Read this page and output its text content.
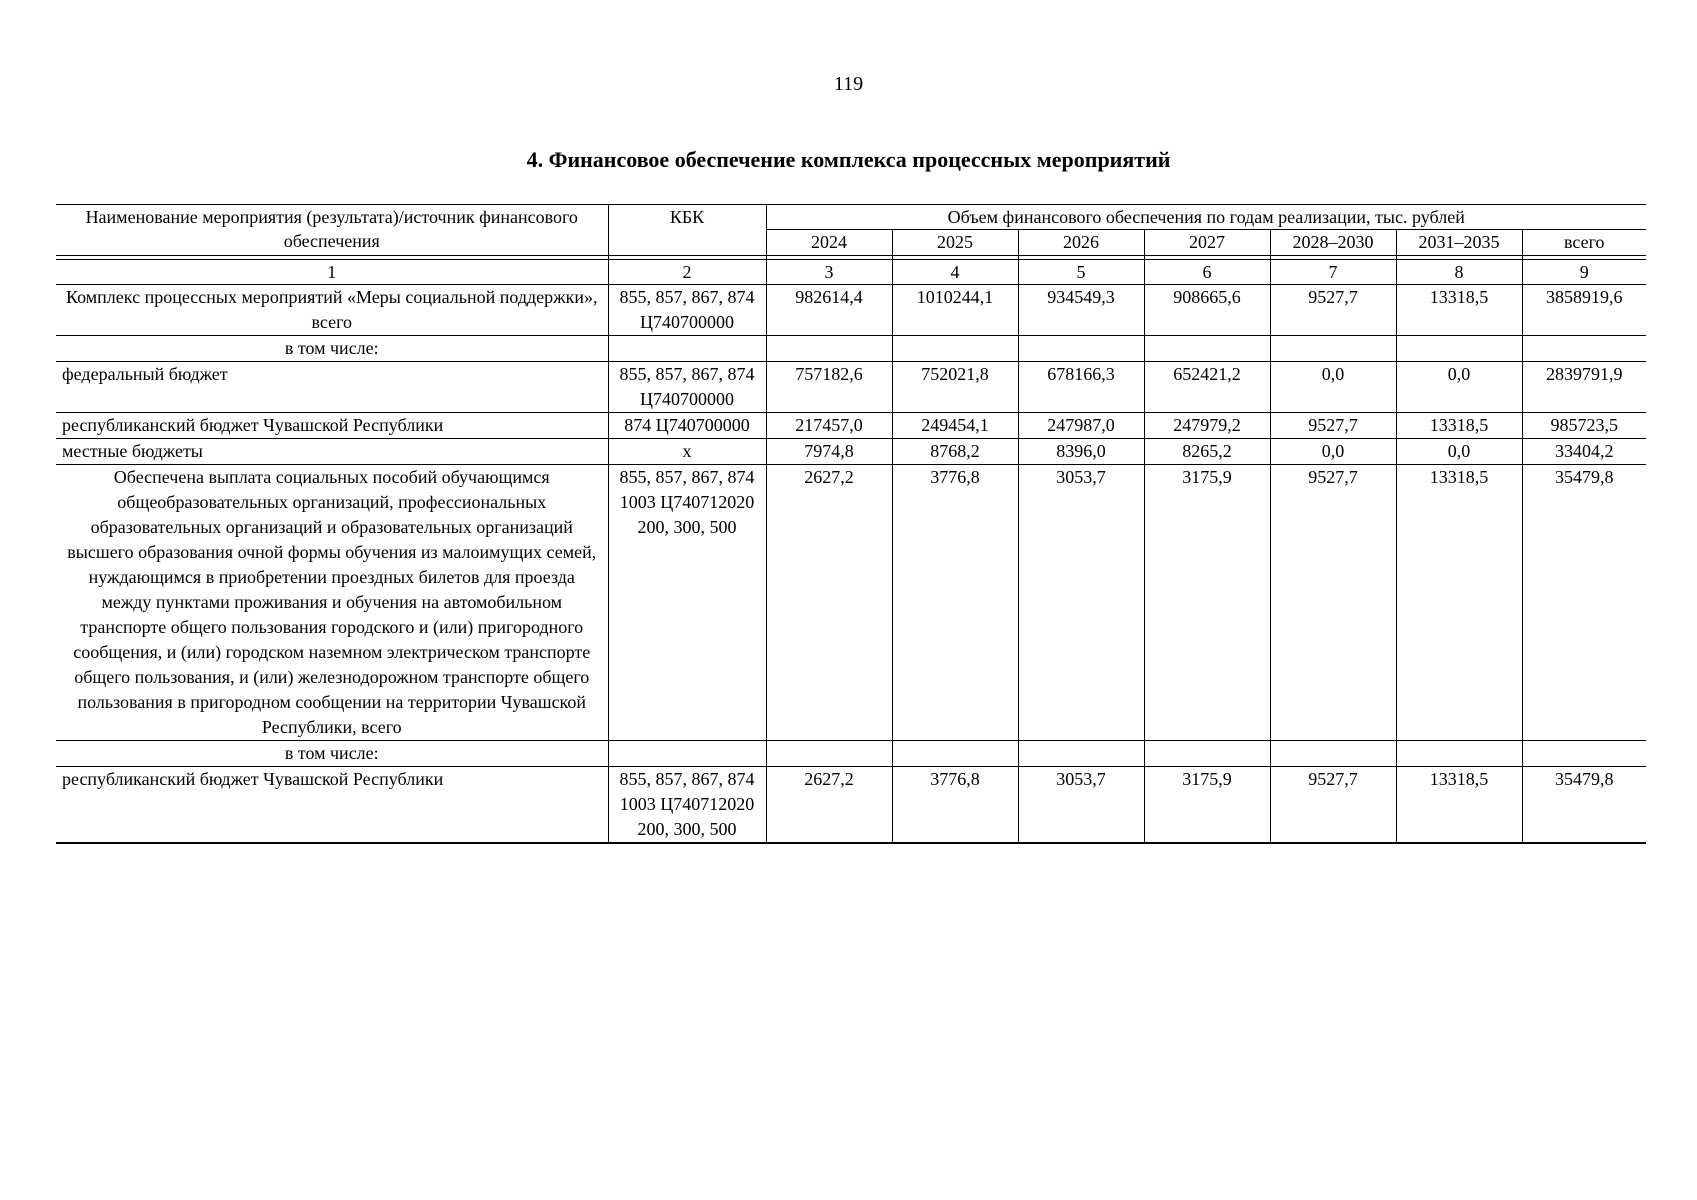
119
4. Финансовое обеспечение комплекса процессных мероприятий
Наименование мероприятия (результата)/источник финансового обеспечения	КБК	Объем финансового обеспечения по годам реализации, тыс. рублей						
		2024	2025	2026	2027	2028–2030	2031–2035	всего

1	2	3	4	5	6	7	8	9
Комплекс процессных мероприятий «Меры социальной поддержки», всего	855, 857, 867, 874 Ц740700000	982614,4	1010244,1	934549,3	908665,6	9527,7	13318,5	3858919,6
в том числе:								
федеральный бюджет	855, 857, 867, 874 Ц740700000	757182,6	752021,8	678166,3	652421,2	0,0	0,0	2839791,9
республиканский бюджет Чувашской Республики	874 Ц740700000	217457,0	249454,1	247987,0	247979,2	9527,7	13318,5	985723,5
местные бюджеты	х	7974,8	8768,2	8396,0	8265,2	0,0	0,0	33404,2
Обеспечена выплата социальных пособий обучающимся общеобразовательных организаций, профессиональных образовательных организаций и образовательных организаций высшего образования очной формы обучения из малоимущих семей, нуждающимся в приобретении проездных билетов для проезда между пунктами проживания и обучения на автомобильном транспорте общего пользования городского и (или) пригородного сообщения, и (или) городском наземном электрическом транспорте общего пользования, и (или) железнодорожном транспорте общего пользования в пригородном сообщении на территории Чувашской Республики, всего	855, 857, 867, 874 1003 Ц740712020 200, 300, 500	2627,2	3776,8	3053,7	3175,9	9527,7	13318,5	35479,8
в том числе:								
республиканский бюджет Чувашской Республики	855, 857, 867, 874 1003 Ц740712020 200, 300, 500	2627,2	3776,8	3053,7	3175,9	9527,7	13318,5	35479,8
